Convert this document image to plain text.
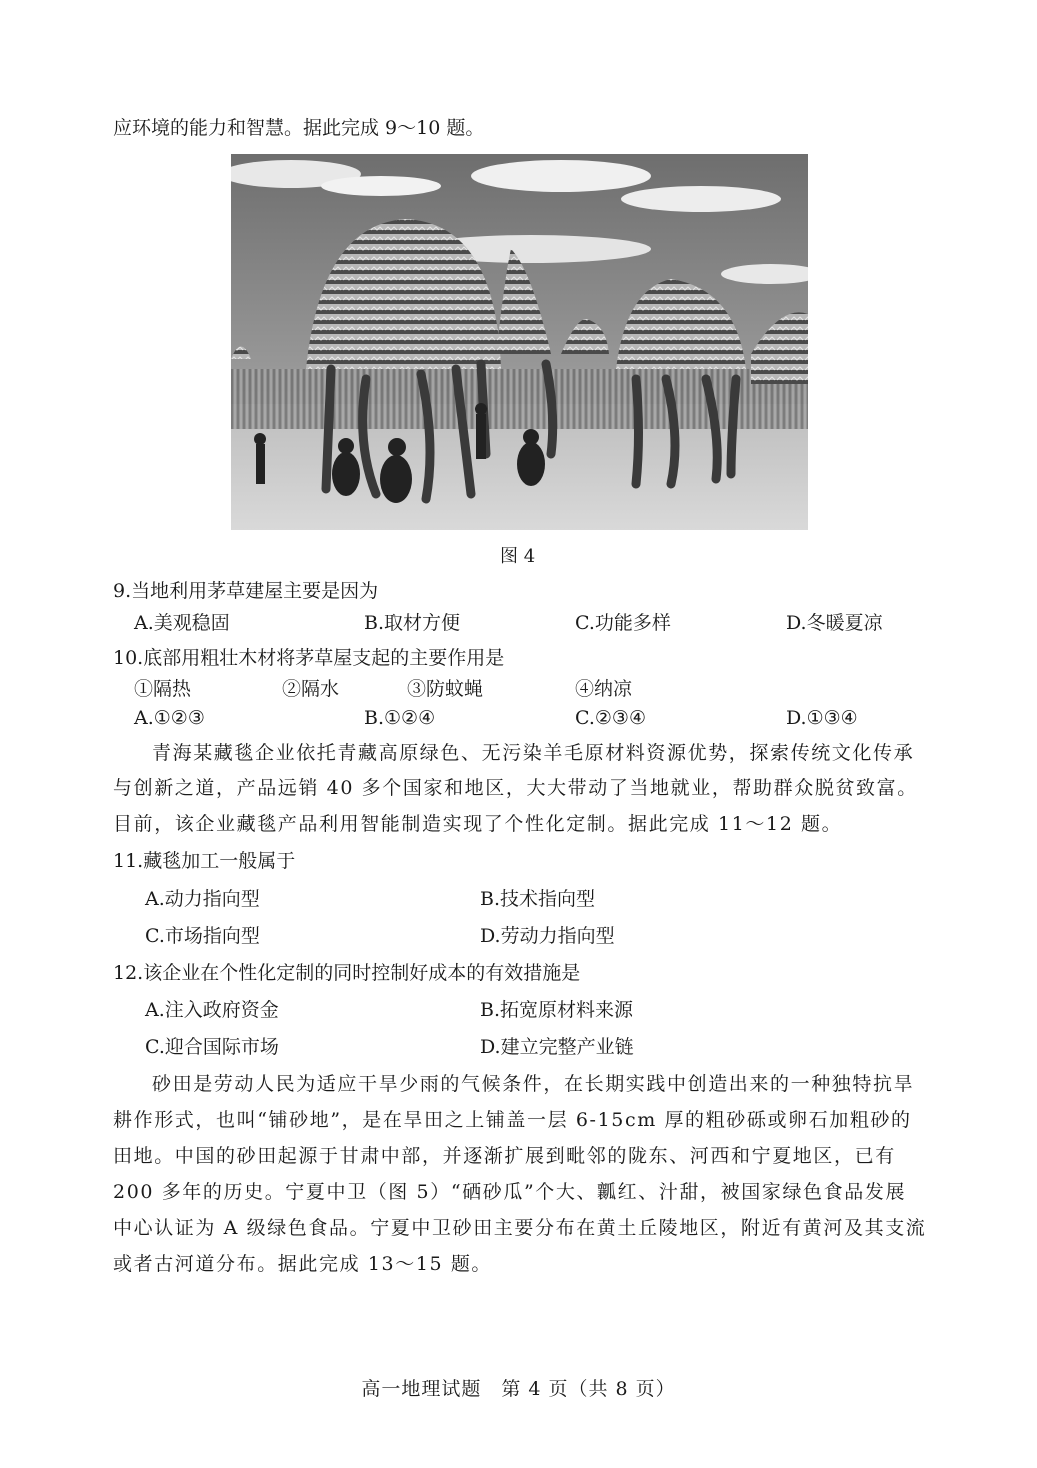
应环境的能力和智慧。据此完成 9～10 题。
图 4
9.当地利用茅草建屋主要是因为
A.美观稳固	B.取材方便	C.功能多样	D.冬暖夏凉
10.底部用粗壮木材将茅草屋支起的主要作用是
①隔热	②隔水	③防蚊蝇	④纳凉
A.①②③	B.①②④	C.②③④	D.①③④
青海某藏毯企业依托青藏高原绿色、无污染羊毛原材料资源优势，探索传统文化传承
与创新之道，产品远销 40 多个国家和地区，大大带动了当地就业，帮助群众脱贫致富。
目前，该企业藏毯产品利用智能制造实现了个性化定制。据此完成 11～12 题。
11.藏毯加工一般属于
A.动力指向型	B.技术指向型
C.市场指向型	D.劳动力指向型
12.该企业在个性化定制的同时控制好成本的有效措施是
A.注入政府资金	B.拓宽原材料来源
C.迎合国际市场	D.建立完整产业链
砂田是劳动人民为适应干旱少雨的气候条件，在长期实践中创造出来的一种独特抗旱
耕作形式，也叫“铺砂地”，是在旱田之上铺盖一层 6-15cm 厚的粗砂砾或卵石加粗砂的
田地。中国的砂田起源于甘肃中部，并逐渐扩展到毗邻的陇东、河西和宁夏地区，已有
200 多年的历史。宁夏中卫（图 5）“硒砂瓜”个大、瓤红、汁甜，被国家绿色食品发展
中心认证为 A 级绿色食品。宁夏中卫砂田主要分布在黄土丘陵地区，附近有黄河及其支流
或者古河道分布。据此完成 13～15 题。
高一地理试题　第 4 页（共 8 页）
